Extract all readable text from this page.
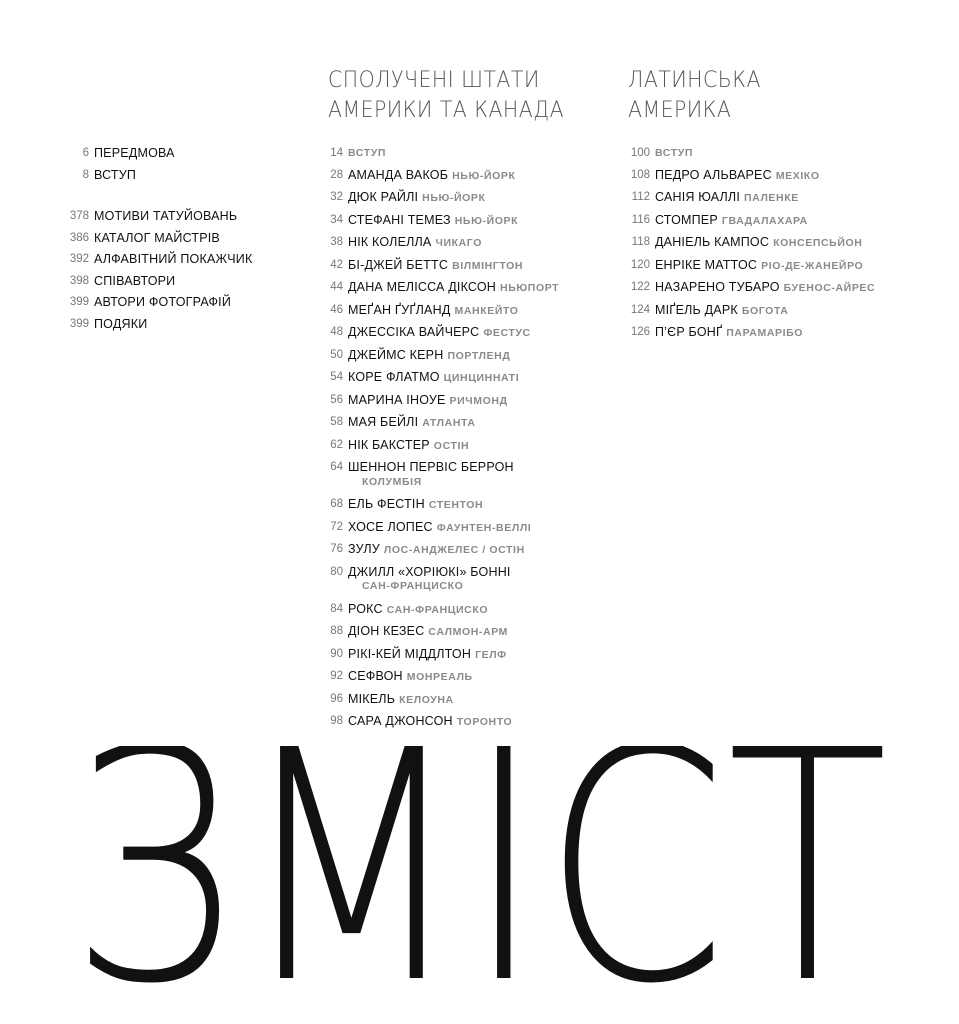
6 ПЕРЕДМОВА
8 ВСТУП
378 МОТИВИ ТАТУЙОВАНЬ
386 КАТАЛОГ МАЙСТРІВ
392 АЛФАВІТНИЙ ПОКАЖЧИК
398 СПІВАВТОРИ
399 АВТОРИ ФОТОГРАФІЙ
399 ПОДЯКИ
СПОЛУЧЕНІ ШТАТИ
АМЕРИКИ ТА КАНАДА
14 ВСТУП
28 АМАНДА ВАКОБ НЬЮ-ЙОРК
32 ДЮК РАЙЛІ НЬЮ-ЙОРК
34 СТЕФАНІ ТЕМЕЗ НЬЮ-ЙОРК
38 НІК КОЛЕЛЛА ЧИКАГО
42 БІ-ДЖЕЙ БЕТТС ВІЛМІНГТОН
44 ДАНА МЕЛІССА ДІКСОН НЬЮПОРТ
46 МЕҐАН ҐУҐЛАНД МАНКЕЙТО
48 ДЖЕССІКА ВАЙЧЕРС ФЕСТУС
50 ДЖЕЙМС КЕРН ПОРТЛЕНД
54 КОРЕ ФЛАТМО ЦИНЦИННАТІ
56 МАРИНА ІНОУЕ РИЧМОНД
58 МАЯ БЕЙЛІ АТЛАНТА
62 НІК БАКСТЕР ОСТІН
64 ШЕННОН ПЕРВІС БЕРРОН
КОЛУМБІЯ
68 ЕЛЬ ФЕСТІН СТЕНТОН
72 ХОСЕ ЛОПЕС ФАУНТЕН-ВЕЛЛІ
76 ЗУЛУ ЛОС-АНДЖЕЛЕС / ОСТІН
80 ДЖИЛЛ «ХОРІЮКІ» БОННІ
САН-ФРАНЦИСКО
84 РОКС САН-ФРАНЦИСКО
88 ДІОН КЕЗЕС САЛМОН-АРМ
90 РІКІ-КЕЙ МІДДЛТОН ГЕЛФ
92 СЕФВОН МОНРЕАЛЬ
96 МІКЕЛЬ КЕЛОУНА
98 САРА ДЖОНСОН ТОРОНТО
ЛАТИНСЬКА
АМЕРИКА
100 ВСТУП
108 ПЕДРО АЛЬВАРЕС МЕХІКО
112 САНІЯ ЮАЛЛІ ПАЛЕНКЕ
116 СТОМПЕР ГВАДАЛАХАРА
118 ДАНІЕЛЬ КАМПОС КОНСЕПСЬЙОН
120 ЕНРІКЕ МАТТОС РІО-ДЕ-ЖАНЕЙРО
122 НАЗАРЕНО ТУБАРО БУЕНОС-АЙРЕС
124 МІҐЕЛЬ ДАРК БОГОТА
126 П’ЄР БОНҐ ПАРАМАРІБО
ЗМІСТ
